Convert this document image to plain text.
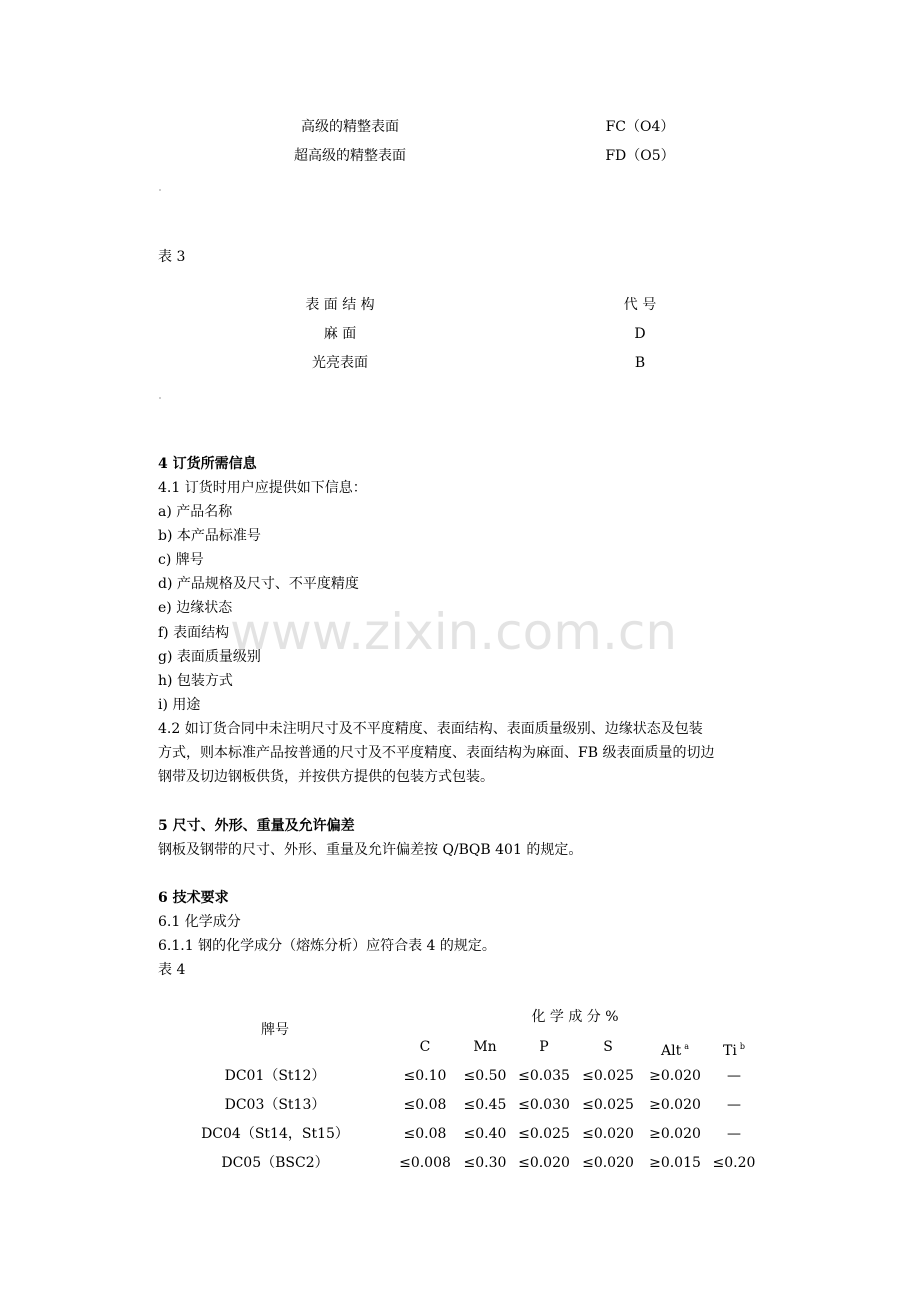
高级的精整表面	FC（O4）
超高级的精整表面	FD（O5）
表 3
表 面 结 构	代 号
麻 面	D
光亮表面	B
4 订货所需信息
4.1 订货时用户应提供如下信息：
a) 产品名称
b) 本产品标准号
c) 牌号
d) 产品规格及尺寸、不平度精度
e) 边缘状态
f) 表面结构
g) 表面质量级别
h) 包装方式
i) 用途
4.2 如订货合同中未注明尺寸及不平度精度、表面结构、表面质量级别、边缘状态及包装
方式，则本标准产品按普通的尺寸及不平度精度、表面结构为麻面、FB 级表面质量的切边
钢带及切边钢板供货，并按供方提供的包装方式包装。
5 尺寸、外形、重量及允许偏差
钢板及钢带的尺寸、外形、重量及允许偏差按 Q/BQB 401 的规定。
6 技术要求
6.1 化学成分
6.1.1 钢的化学成分（熔炼分析）应符合表 4 的规定。
表 4
牌号
化 学 成 分 %
C	Mn	P	S	Alt $^a$	Ti $^b$
DC01（St12）	≤0.10	≤0.50 ≤0.035 ≤0.025	≥0.020	—
DC03（St13）	≤0.08	≤0.45 ≤0.030 ≤0.025	≥0.020	—
DC04（St14，St15）	≤0.08	≤0.40 ≤0.025 ≤0.020	≥0.020	—
DC05（BSC2）	≤0.008 ≤0.30 ≤0.020 ≤0.020	≥0.015 ≤0.20
www.zixin.com.cn
